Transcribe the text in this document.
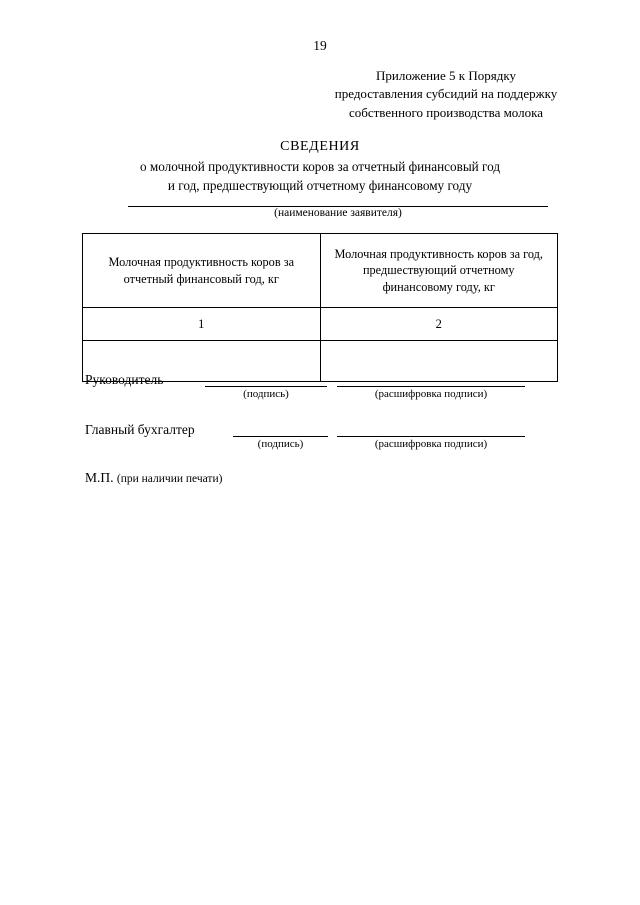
19
Приложение 5 к Порядку
предоставления субсидий на поддержку
собственного производства молока
СВЕДЕНИЯ
о молочной продуктивности коров за отчетный финансовый год
и год, предшествующий отчетному финансовому году
(наименование заявителя)
Молочная продуктивность коров за отчетный финансовый год, кг	Молочная продуктивность коров за год, предшествующий отчетному финансовому году, кг
1	2

Руководитель
(подпись)	(расшифровка подписи)
Главный бухгалтер
(подпись)	(расшифровка подписи)
М.П. (при наличии печати)
